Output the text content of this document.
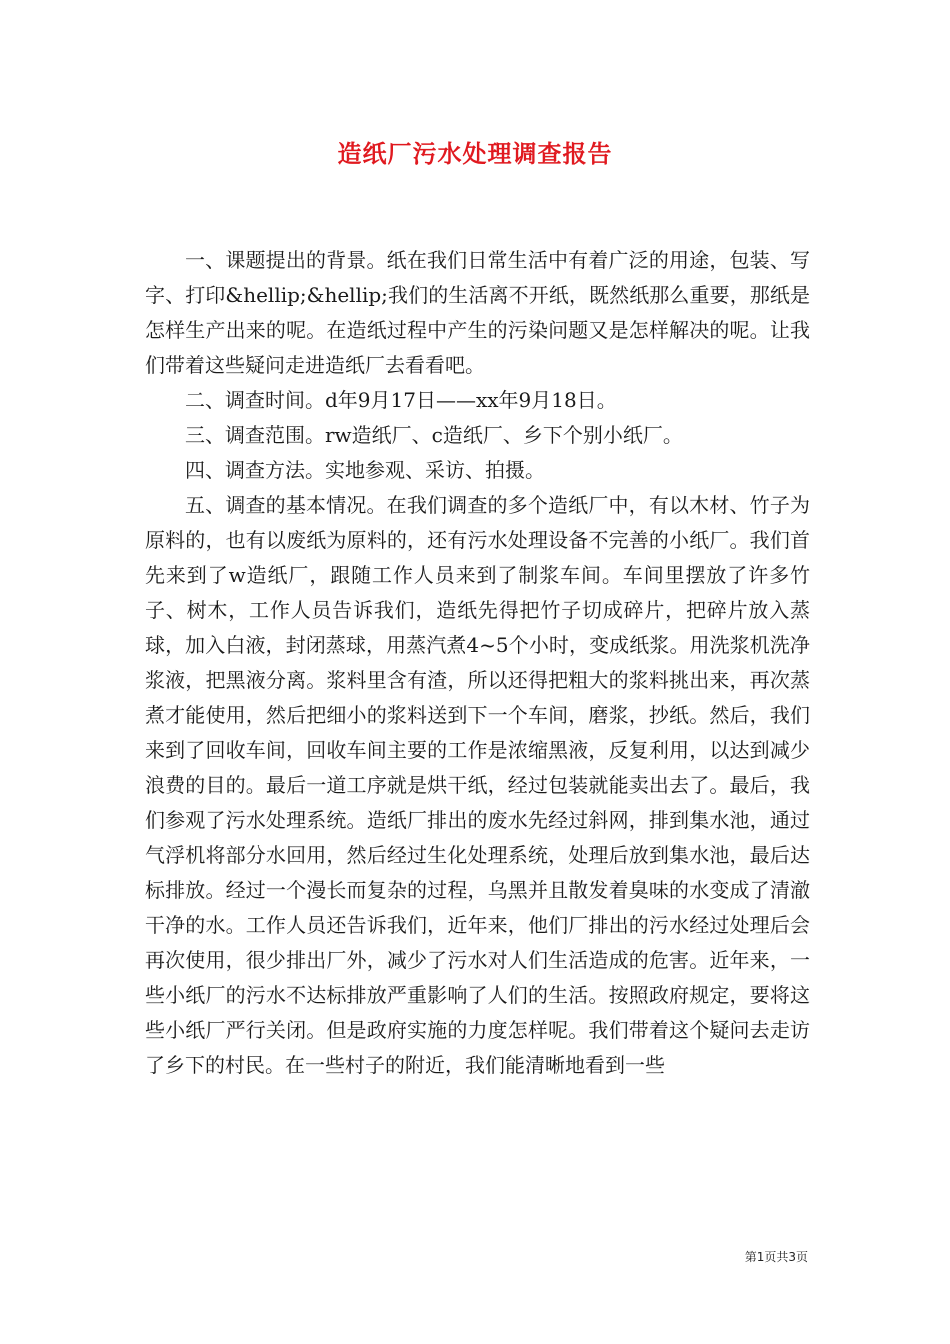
造纸厂污水处理调查报告

一、课题提出的背景。纸在我们日常生活中有着广泛的用途，包装、写字、打印&hellip;&hellip;我们的生活离不开纸，既然纸那么重要，那纸是怎样生产出来的呢。在造纸过程中产生的污染问题又是怎样解决的呢。让我们带着这些疑问走进造纸厂去看看吧。

二、调查时间。d年9月17日——xx年9月18日。

三、调查范围。rw造纸厂、c造纸厂、乡下个别小纸厂。

四、调查方法。实地参观、采访、拍摄。

五、调查的基本情况。在我们调查的多个造纸厂中，有以木材、竹子为原料的，也有以废纸为原料的，还有污水处理设备不完善的小纸厂。我们首先来到了w造纸厂，跟随工作人员来到了制浆车间。车间里摆放了许多竹子、树木，工作人员告诉我们，造纸先得把竹子切成碎片，把碎片放入蒸球，加入白液，封闭蒸球，用蒸汽煮4~5个小时，变成纸浆。用洗浆机洗净浆液，把黑液分离。浆料里含有渣，所以还得把粗大的浆料挑出来，再次蒸煮才能使用，然后把细小的浆料送到下一个车间，磨浆，抄纸。然后，我们来到了回收车间，回收车间主要的工作是浓缩黑液，反复利用，以达到减少浪费的目的。最后一道工序就是烘干纸，经过包装就能卖出去了。最后，我们参观了污水处理系统。造纸厂排出的废水先经过斜网，排到集水池，通过气浮机将部分水回用，然后经过生化处理系统，处理后放到集水池，最后达标排放。经过一个漫长而复杂的过程，乌黑并且散发着臭味的水变成了清澈干净的水。工作人员还告诉我们，近年来，他们厂排出的污水经过处理后会再次使用，很少排出厂外，减少了污水对人们生活造成的危害。近年来，一些小纸厂的污水不达标排放严重影响了人们的生活。按照政府规定，要将这些小纸厂严行关闭。但是政府实施的力度怎样呢。我们带着这个疑问去走访了乡下的村民。在一些村子的附近，我们能清晰地看到一些

第1页共3页
